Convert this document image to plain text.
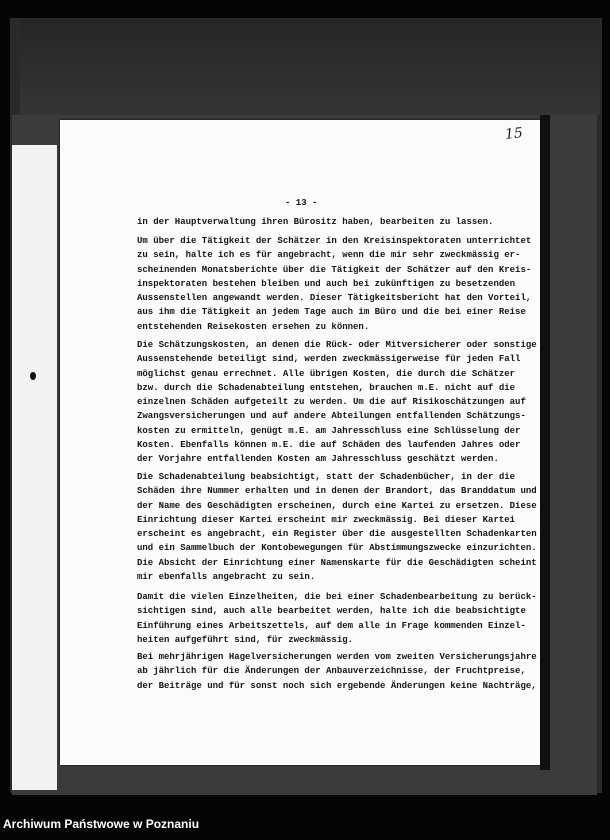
15
- 13 -
in der Hauptverwaltung ihren Bürositz haben, bearbeiten zu lassen.
Um über die Tätigkeit der Schätzer in den Kreisinspektoraten unterrichtet
zu sein, halte ich es für angebracht, wenn die mir sehr zweckmässig er-
scheinenden Monatsberichte über die Tätigkeit der Schätzer auf den Kreis-
inspektoraten bestehen bleiben und auch bei zukünftigen zu besetzenden
Aussenstellen angewandt werden. Dieser Tätigkeitsbericht hat den Vorteil,
aus ihm die Tätigkeit an jedem Tage auch im Büro und die bei einer Reise
entstehenden Reisekosten ersehen zu können.
Die Schätzungskosten, an denen die Rück- oder Mitversicherer oder sonstige
Aussenstehende beteiligt sind, werden zweckmässigerweise für jeden Fall
möglichst genau errechnet. Alle übrigen Kosten, die durch die Schätzer
bzw. durch die Schadenabteilung entstehen, brauchen m.E. nicht auf die
einzelnen Schäden aufgeteilt zu werden. Um die auf Risikoschätzungen auf
Zwangsversicherungen und auf andere Abteilungen entfallenden Schätzungs-
kosten zu ermitteln, genügt m.E. am Jahresschluss eine Schlüsselung der
Kosten. Ebenfalls können m.E. die auf Schäden des laufenden Jahres oder
der Vorjahre entfallenden Kosten am Jahresschluss geschätzt werden.
Die Schadenabteilung beabsichtigt, statt der Schadenbücher, in der die
Schäden ihre Nummer erhalten und in denen der Brandort, das Branddatum und
der Name des Geschädigten erscheinen, durch eine Kartei zu ersetzen. Diese
Einrichtung dieser Kartei erscheint mir zweckmässig. Bei dieser Kartei
erscheint es angebracht, ein Register über die ausgestellten Schadenkarten
und ein Sammelbuch der Kontobewegungen für Abstimmungszwecke einzurichten.
Die Absicht der Einrichtung einer Namenskarte für die Geschädigten scheint
mir ebenfalls angebracht zu sein.
Damit die vielen Einzelheiten, die bei einer Schadenbearbeitung zu berück-
sichtigen sind, auch alle bearbeitet werden, halte ich die beabsichtigte
Einführung eines Arbeitszettels, auf dem alle in Frage kommenden Einzel-
heiten aufgeführt sind, für zweckmässig.
Bei mehrjährigen Hagelversicherungen werden vom zweiten Versicherungsjahre
ab jährlich für die Änderungen der Anbauverzeichnisse, der Fruchtpreise,
der Beiträge und für sonst noch sich ergebende Änderungen keine Nachträge,
Archiwum Państwowe w Poznaniu
